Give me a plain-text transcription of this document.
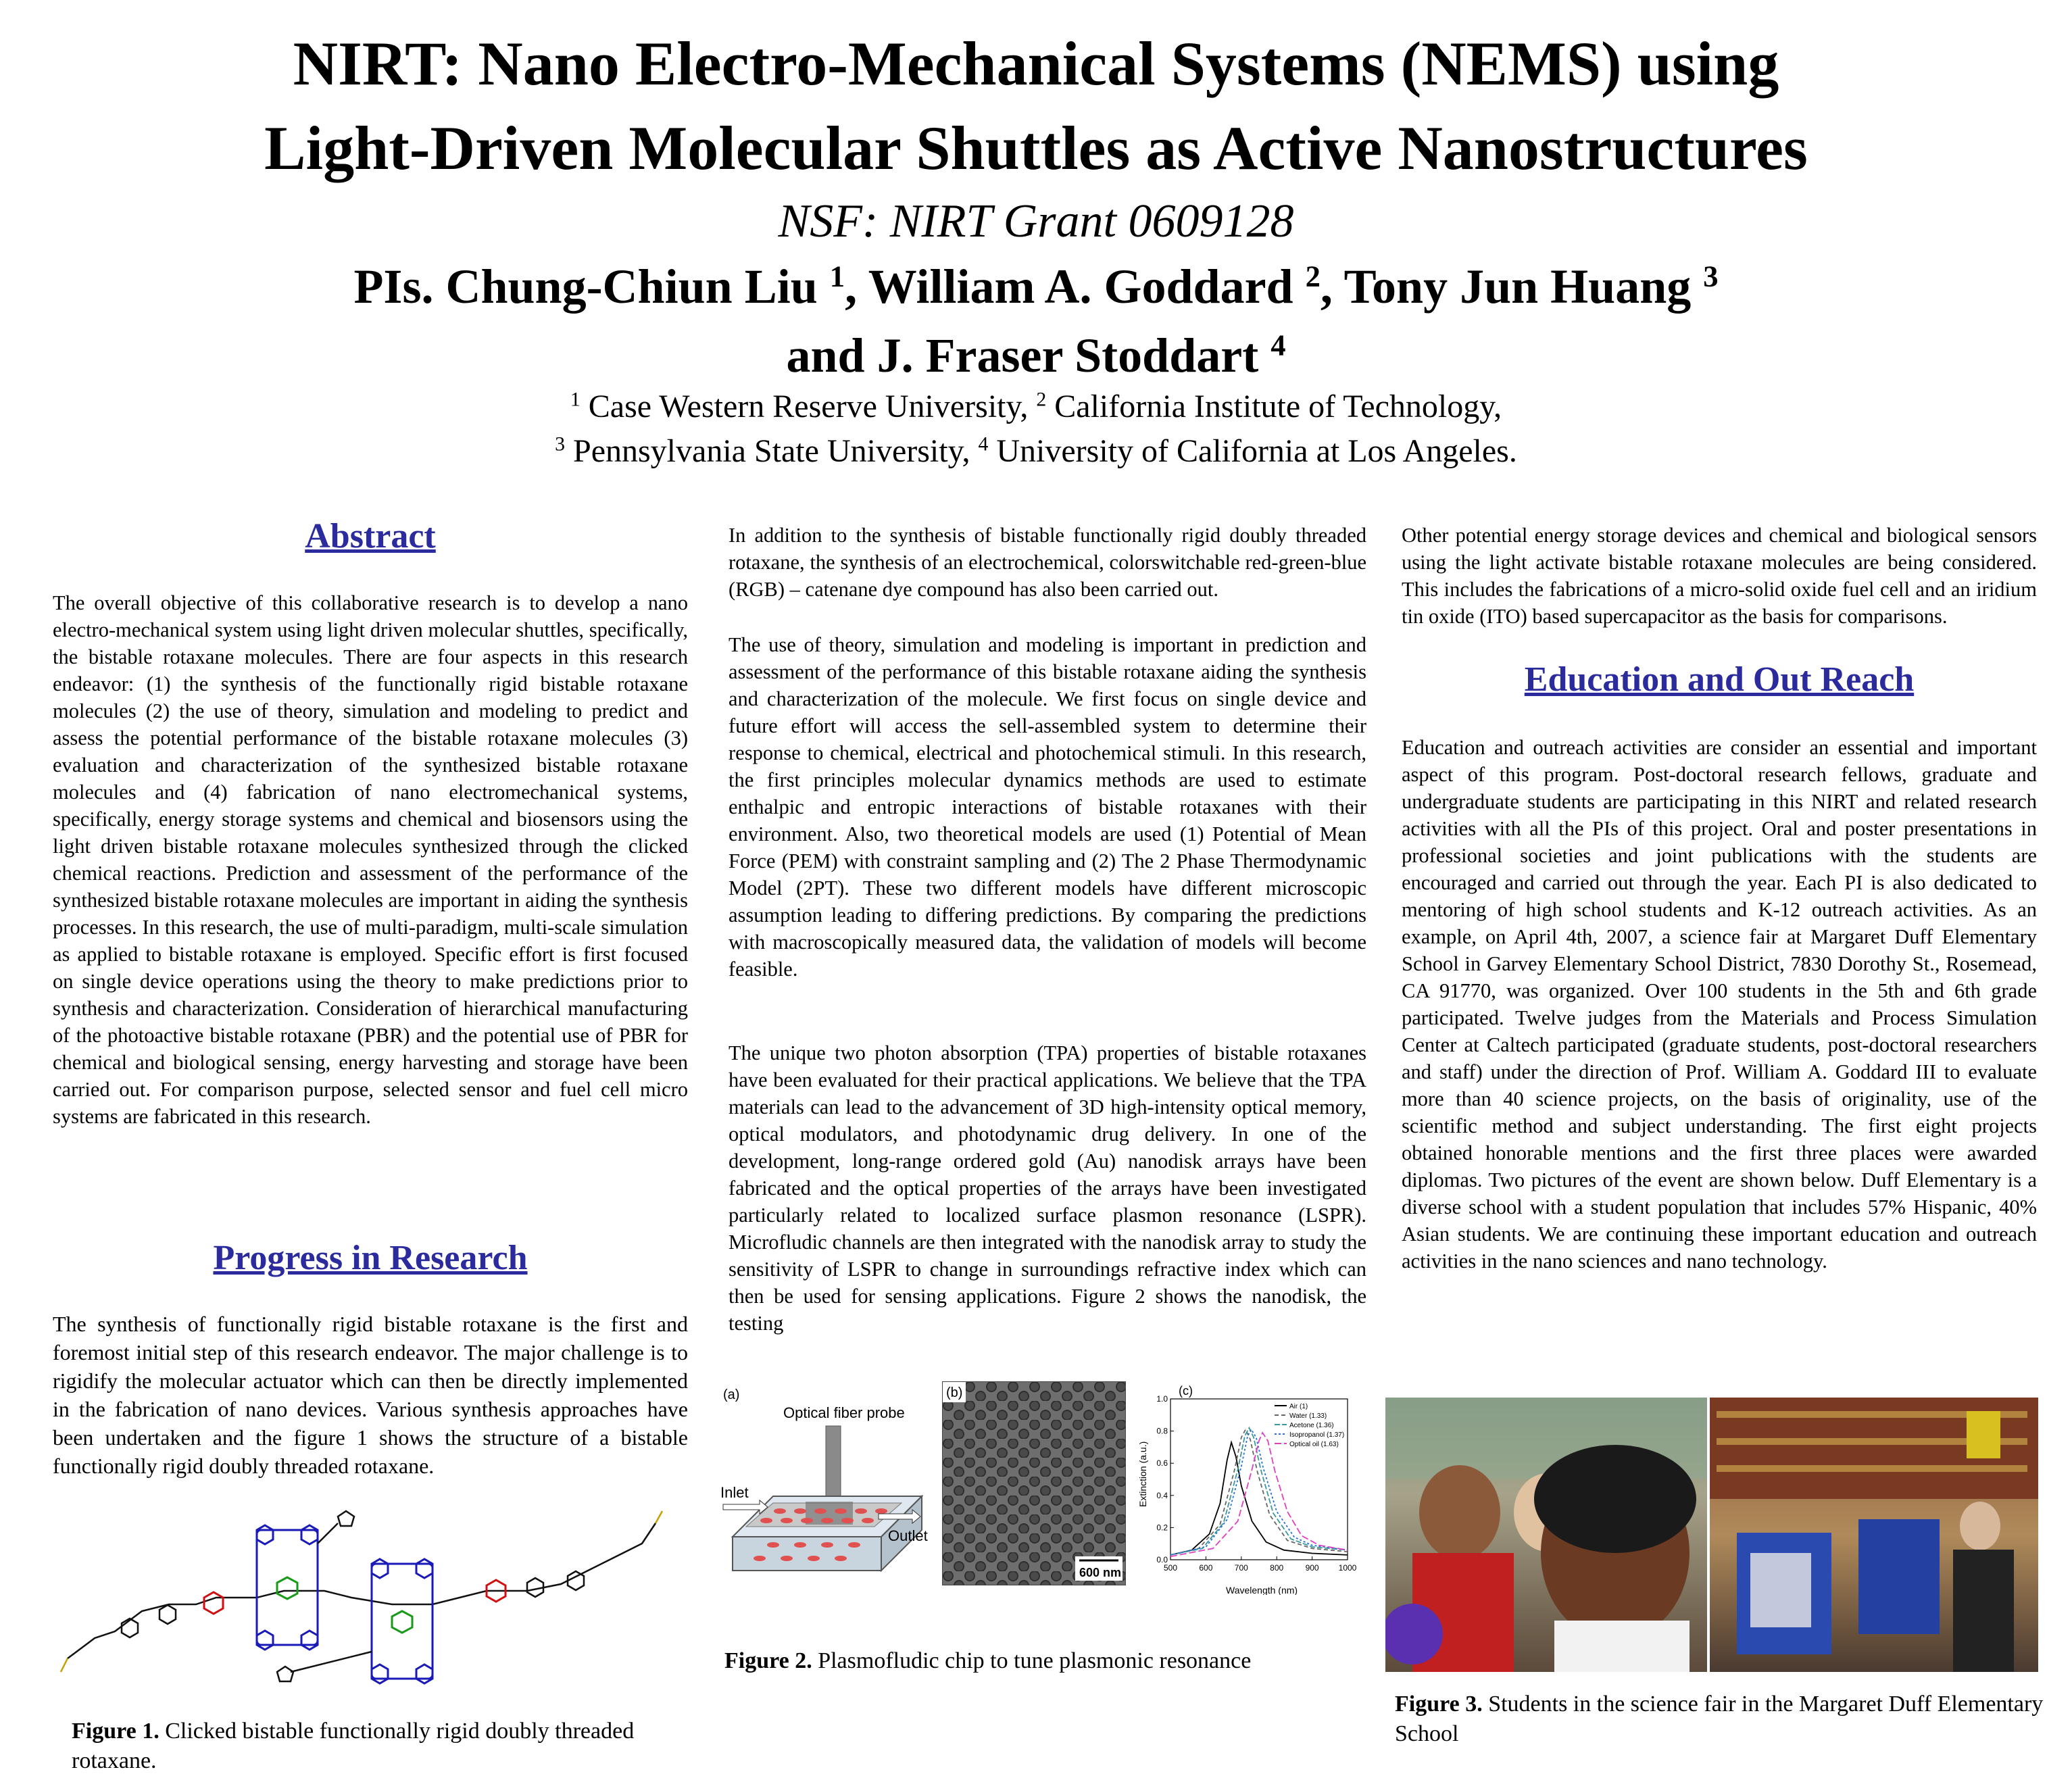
NIRT: Nano Electro-Mechanical Systems (NEMS) using
Light-Driven Molecular Shuttles as Active Nanostructures
NSF: NIRT Grant 0609128
PIs. Chung-Chiun Liu $^1$, William A. Goddard $^2$, Tony Jun Huang $^3$
and J. Fraser Stoddart $^4$
$^1$ Case Western Reserve University, $^2$ California Institute of Technology,
$^3$ Pennsylvania State University, $^4$ University of California at Los Angeles.
Abstract

The overall objective of this collaborative research is to develop a nano electro-mechanical system using light driven molecular shuttles, specifically, the bistable rotaxane molecules. There are four aspects in this research endeavor: (1) the synthesis of the functionally rigid bistable rotaxane molecules (2) the use of theory, simulation and modeling to predict and assess the potential performance of the bistable rotaxane molecules (3) evaluation and characterization of the synthesized bistable rotaxane molecules and (4) fabrication of nano electromechanical systems, specifically, energy storage systems and chemical and biosensors using the light driven bistable rotaxane molecules synthesized through the clicked chemical reactions. Prediction and assessment of the performance of the synthesized bistable rotaxane molecules are important in aiding the synthesis processes. In this research, the use of multi-paradigm, multi-scale simulation as applied to bistable rotaxane is employed. Specific effort is first focused on single device operations using the theory to make predictions prior to synthesis and characterization. Consideration of hierarchical manufacturing of the photoactive bistable rotaxane (PBR) and the potential use of PBR for chemical and biological sensing, energy harvesting and storage have been carried out. For comparison purpose, selected sensor and fuel cell micro systems are fabricated in this research.

Progress in Research

The synthesis of functionally rigid bistable rotaxane is the first and foremost initial step of this research endeavor. The major challenge is to rigidify the molecular actuator which can then be directly implemented in the fabrication of nano devices. Various synthesis approaches have been undertaken and the figure 1 shows the structure of a bistable functionally rigid doubly threaded rotaxane.

Figure 1. Clicked bistable functionally rigid doubly threaded rotaxane.

In addition to the synthesis of bistable functionally rigid doubly threaded rotaxane, the synthesis of an electrochemical, colorswitchable red-green-blue (RGB) – catenane dye compound has also been carried out.

The use of theory, simulation and modeling is important in prediction and assessment of the performance of this bistable rotaxane aiding the synthesis and characterization of the molecule. We first focus on single device and future effort will access the sell-assembled system to determine their response to chemical, electrical and photochemical stimuli. In this research, the first principles molecular dynamics methods are used to estimate enthalpic and entropic interactions of bistable rotaxanes with their environment. Also, two theoretical models are used (1) Potential of Mean Force (PEM) with constraint sampling and (2) The 2 Phase Thermodynamic Model (2PT). These two different models have different microscopic assumption leading to differing predictions. By comparing the predictions with macroscopically measured data, the validation of models will become feasible.

The unique two photon absorption (TPA) properties of bistable rotaxanes have been evaluated for their practical applications. We believe that the TPA materials can lead to the advancement of 3D high-intensity optical memory, optical modulators, and photodynamic drug delivery. In one of the development, long-range ordered gold (Au) nanodisk arrays have been fabricated and the optical properties of the arrays have been investigated particularly related to localized surface plasmon resonance (LSPR). Microfludic channels are then integrated with the nanodisk array to study the sensitivity of LSPR to change in surroundings refractive index which can then be used for sensing applications. Figure 2 shows the nanodisk, the testing

(a)
Optical fiber probe
Inlet
Outlet
(b)
600 nm
(c)
Extinction (a.u.)
Wavelength (nm)
500	600	700	800	900 1000
0.0
0.2
0.4
0.6
0.8
1.0
Air (1)
Water (1.33)
Acetone (1.36)
Isopropanol (1.37)
Optical oil (1.63)

Figure 2. Plasmofludic chip to tune plasmonic resonance

Other potential energy storage devices and chemical and biological sensors using the light activate bistable rotaxane molecules are being considered. This includes the fabrications of a micro-solid oxide fuel cell and an iridium tin oxide (ITO) based supercapacitor as the basis for comparisons.

Education and Out Reach

Education and outreach activities are consider an essential and important aspect of this program. Post-doctoral research fellows, graduate and undergraduate students are participating in this NIRT and related research activities with all the PIs of this project. Oral and poster presentations in professional societies and joint publications with the students are encouraged and carried out through the year. Each PI is also dedicated to mentoring of high school students and K-12 outreach activities. As an example, on April 4th, 2007, a science fair at Margaret Duff Elementary School in Garvey Elementary School District, 7830 Dorothy St., Rosemead, CA 91770, was organized. Over 100 students in the 5th and 6th grade participated. Twelve judges from the Materials and Process Simulation Center at Caltech participated (graduate students, post-doctoral researchers and staff) under the direction of Prof. William A. Goddard III to evaluate more than 40 science projects, on the basis of originality, use of the scientific method and subject understanding. The first eight projects obtained honorable mentions and the first three places were awarded diplomas. Two pictures of the event are shown below. Duff Elementary is a diverse school with a student population that includes 57% Hispanic, 40% Asian students. We are continuing these important education and outreach activities in the nano sciences and nano technology.

Figure 3. Students in the science fair in the Margaret Duff Elementary School
